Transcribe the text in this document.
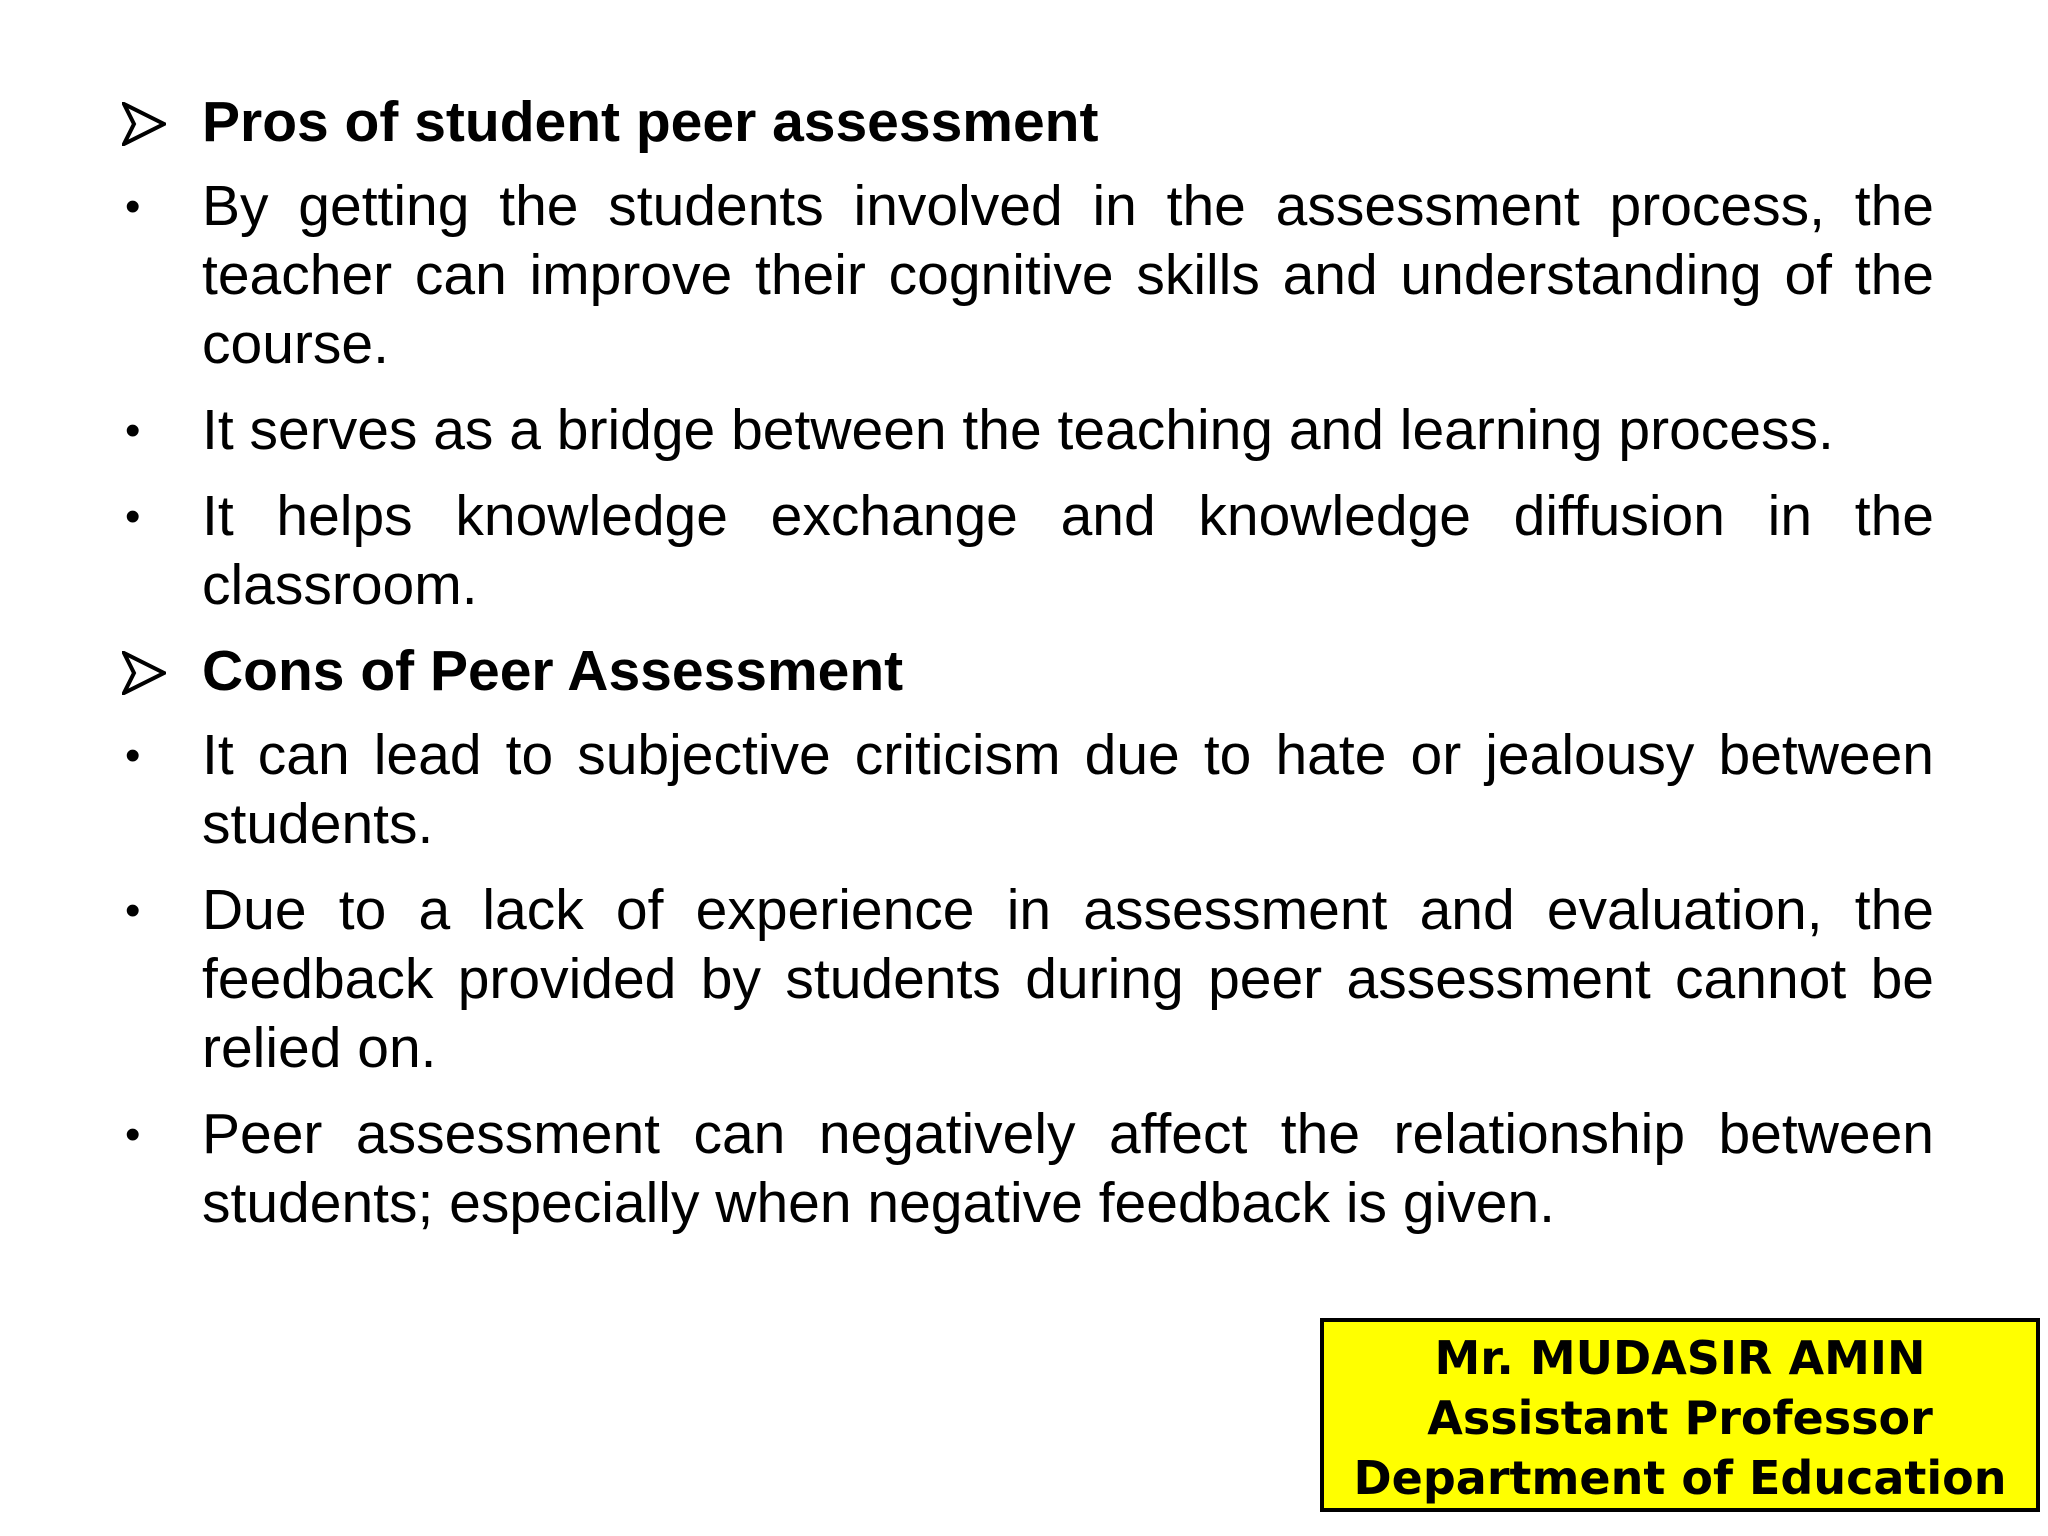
Pros of student peer assessment
•	By getting the students involved in the assessment process, the teacher can improve their cognitive skills and understanding of the course.
•	It serves as a bridge between the teaching and learning process.
•	It helps knowledge exchange and knowledge diffusion in the classroom.
Cons of Peer Assessment
•	It can lead to subjective criticism due to hate or jealousy between students.
•	Due to a lack of experience in assessment and evaluation, the feedback provided by students during peer assessment cannot be relied on.
•	Peer assessment can negatively affect the relationship between students; especially when negative feedback is given.
Mr. MUDASIR AMIN
Assistant Professor
Department of Education
